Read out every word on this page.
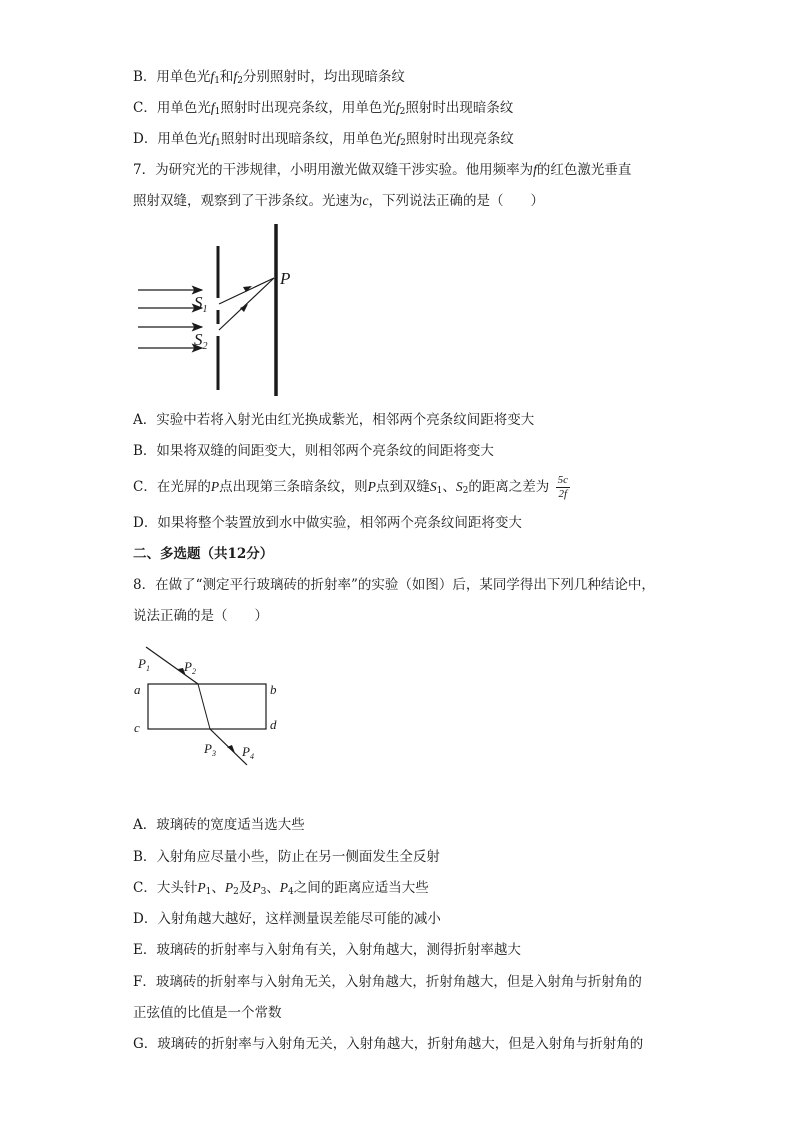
B．用单色光$f_1$和$f_2$分别照射时，均出现暗条纹
C．用单色光$f_1$照射时出现亮条纹，用单色光$f_2$照射时出现暗条纹
D．用单色光$f_1$照射时出现暗条纹，用单色光$f_2$照射时出现亮条纹
7．为研究光的干涉规律，小明用激光做双缝干涉实验。他用频率为f的红色激光垂直
照射双缝，观察到了干涉条纹。光速为c，下列说法正确的是（　　）
$S_1$
$S_2$
P
A．实验中若将入射光由红光换成紫光，相邻两个亮条纹间距将变大
B．如果将双缝的间距变大，则相邻两个亮条纹的间距将变大
C．在光屏的P点出现第三条暗条纹，则P点到双缝$S_1$、$S_2$的距离之差为 $\frac{5c}{2f}$
D．如果将整个装置放到水中做实验，相邻两个亮条纹间距将变大
二、多选题（共12分）
8．在做了“测定平行玻璃砖的折射率”的实验（如图）后，某同学得出下列几种结论中，
说法正确的是（　　）
$P_1$	$P_2$
a	b
c	d
$P_3$ $P_4$
A．玻璃砖的宽度适当选大些
B．入射角应尽量小些，防止在另一侧面发生全反射
C．大头针$P_1$、$P_2$及$P_3$、$P_4$之间的距离应适当大些
D．入射角越大越好，这样测量误差能尽可能的减小
E．玻璃砖的折射率与入射角有关，入射角越大，测得折射率越大
F．玻璃砖的折射率与入射角无关，入射角越大，折射角越大，但是入射角与折射角的
正弦值的比值是一个常数
G．玻璃砖的折射率与入射角无关，入射角越大，折射角越大，但是入射角与折射角的
